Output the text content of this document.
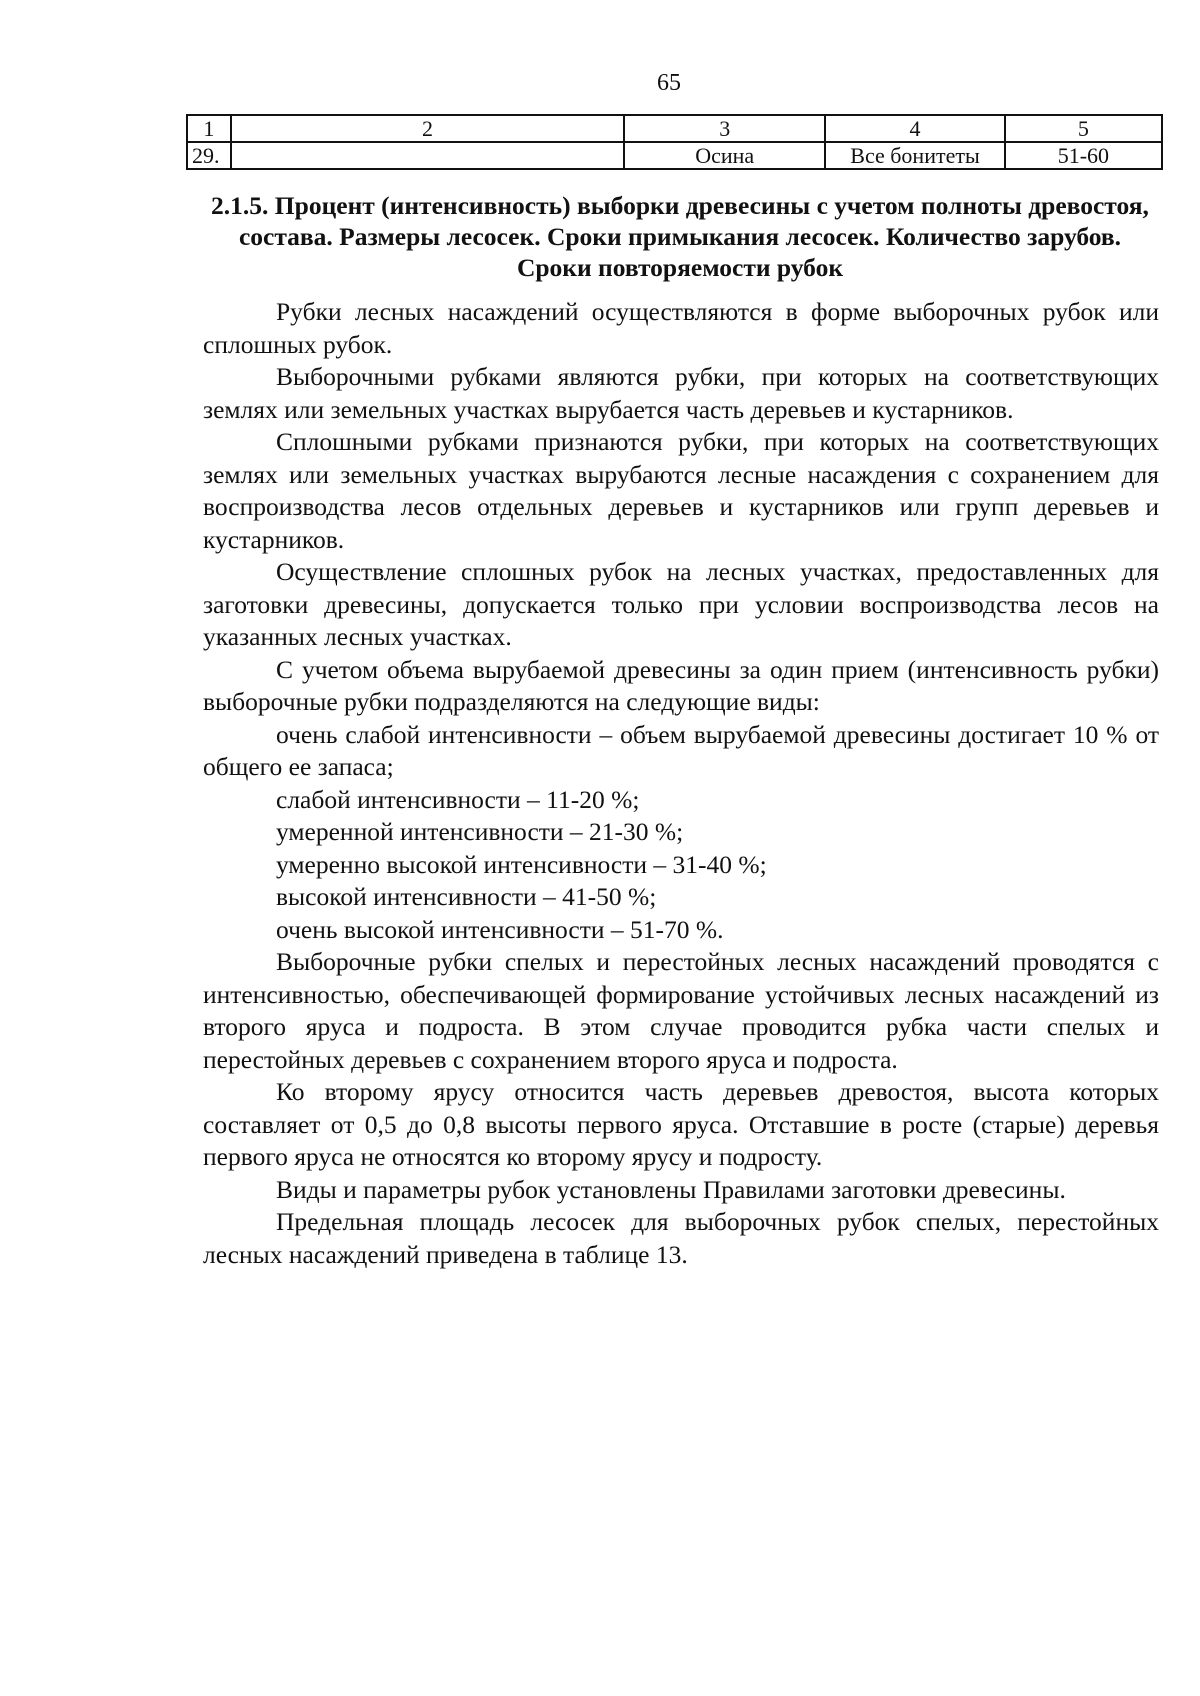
65
1	2	3	4	5
29.		Осина	Все бонитеты	51-60
2.1.5. Процент (интенсивность) выборки древесины с учетом полноты древостоя, состава. Размеры лесосек. Сроки примыкания лесосек. Количество зарубов. Сроки повторяемости рубок

Рубки лесных насаждений осуществляются в форме выборочных рубок или сплошных рубок.

Выборочными рубками являются рубки, при которых на соответствующих землях или земельных участках вырубается часть деревьев и кустарников.

Сплошными рубками признаются рубки, при которых на соответствующих землях или земельных участках вырубаются лесные насаждения с сохранением для воспроизводства лесов отдельных деревьев и кустарников или групп деревьев и кустарников.

Осуществление сплошных рубок на лесных участках, предоставленных для заготовки древесины, допускается только при условии воспроизводства лесов на указанных лесных участках.

С учетом объема вырубаемой древесины за один прием (интенсивность рубки) выборочные рубки подразделяются на следующие виды:

очень слабой интенсивности – объем вырубаемой древесины достигает 10 % от общего ее запаса;

слабой интенсивности – 11-20 %;

умеренной интенсивности – 21-30 %;

умеренно высокой интенсивности – 31-40 %;

высокой интенсивности – 41-50 %;

очень высокой интенсивности – 51-70 %.

Выборочные рубки спелых и перестойных лесных насаждений проводятся с интенсивностью, обеспечивающей формирование устойчивых лесных насаждений из второго яруса и подроста. В этом случае проводится рубка части спелых и перестойных деревьев с сохранением второго яруса и подроста.

Ко второму ярусу относится часть деревьев древостоя, высота которых составляет от 0,5 до 0,8 высоты первого яруса. Отставшие в росте (старые) деревья первого яруса не относятся ко второму ярусу и подросту.

Виды и параметры рубок установлены Правилами заготовки древесины.

Предельная площадь лесосек для выборочных рубок спелых, перестойных лесных насаждений приведена в таблице 13.
